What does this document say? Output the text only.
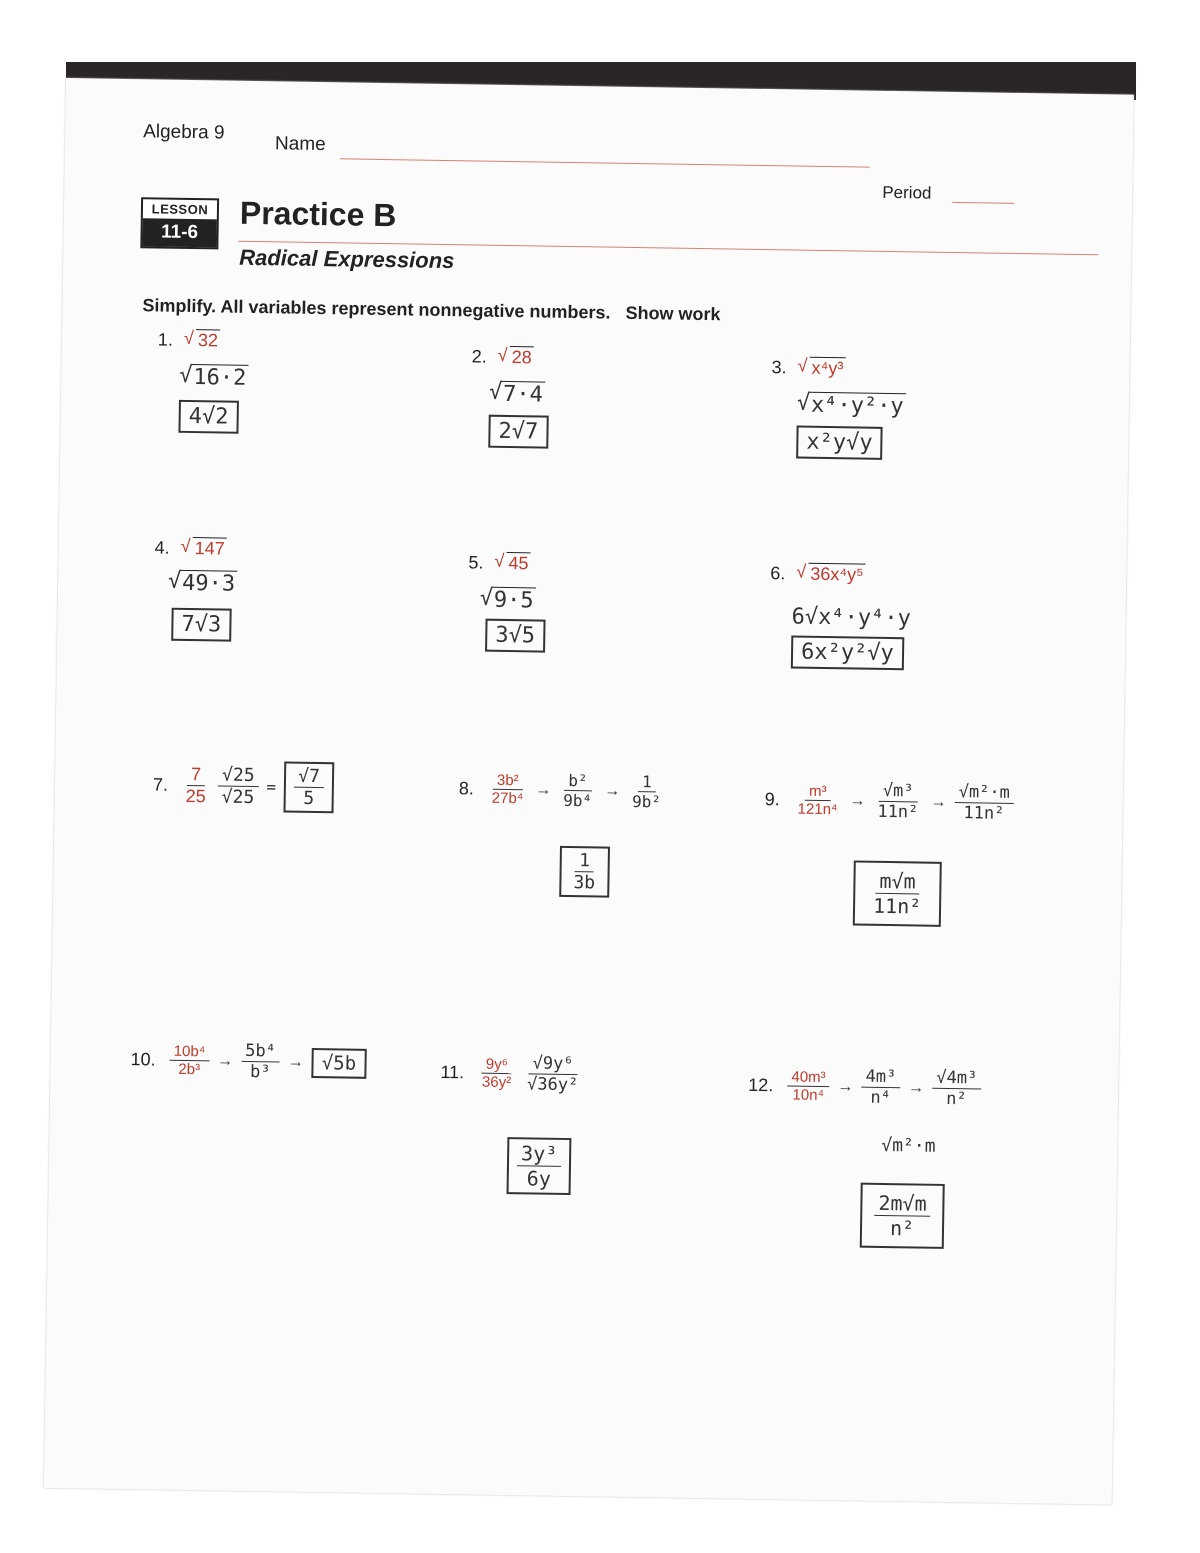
Algebra 9
Name
Period
LESSON
11-6	Practice B
Radical Expressions
Simplify. All variables represent nonnegative numbers. Show work
1. √ 32
√ 16·2
4√2
2. √ 28
√ 7·4
2√7
3. √ x⁴y³
√ x⁴·y²·y
x²y√y
4. √ 147
√ 49·3
7√3
5. √ 45
√ 9·5
3√5
6. √ 36x⁴y⁵
6√x⁴·y⁴·y
6x²y²√y
7. $\frac{7}{25} \frac{√25}{√25} = \frac{√7}{5}$	8. $\frac{\text{3b²}}{\text{27b⁴}} \to \frac{\text{b²}}{\text{9b⁴}} \to \frac{1}{\text{9b²}}$
$\frac{1}{3b}$
9. $\frac{\text{m³}}{\text{121n⁴}} \to \frac{\text{√m³}}{\text{11n²}} \to \frac{\text{√m²·m}}{\text{11n²}}$
$\frac{m√m}{\text{11n²}}$
10. $\frac{\text{10b⁴}}{\text{2b³}} \to \frac{\text{5b⁴}}{\text{b³}} \to √5b$	11. $\frac{\text{9y⁶}}{\text{36y²}} \frac{\text{√9y⁶}}{\text{√36y²}}$
$\frac{\text{3y³}}{6y}$
12. $\frac{\text{40m³}}{\text{10n⁴}} \to \frac{\text{4m³}}{\text{n⁴}} \to \frac{\text{√4m³}}{\text{n²}}$
√m²·m
$\frac{2m√m}{\text{n²}}$
